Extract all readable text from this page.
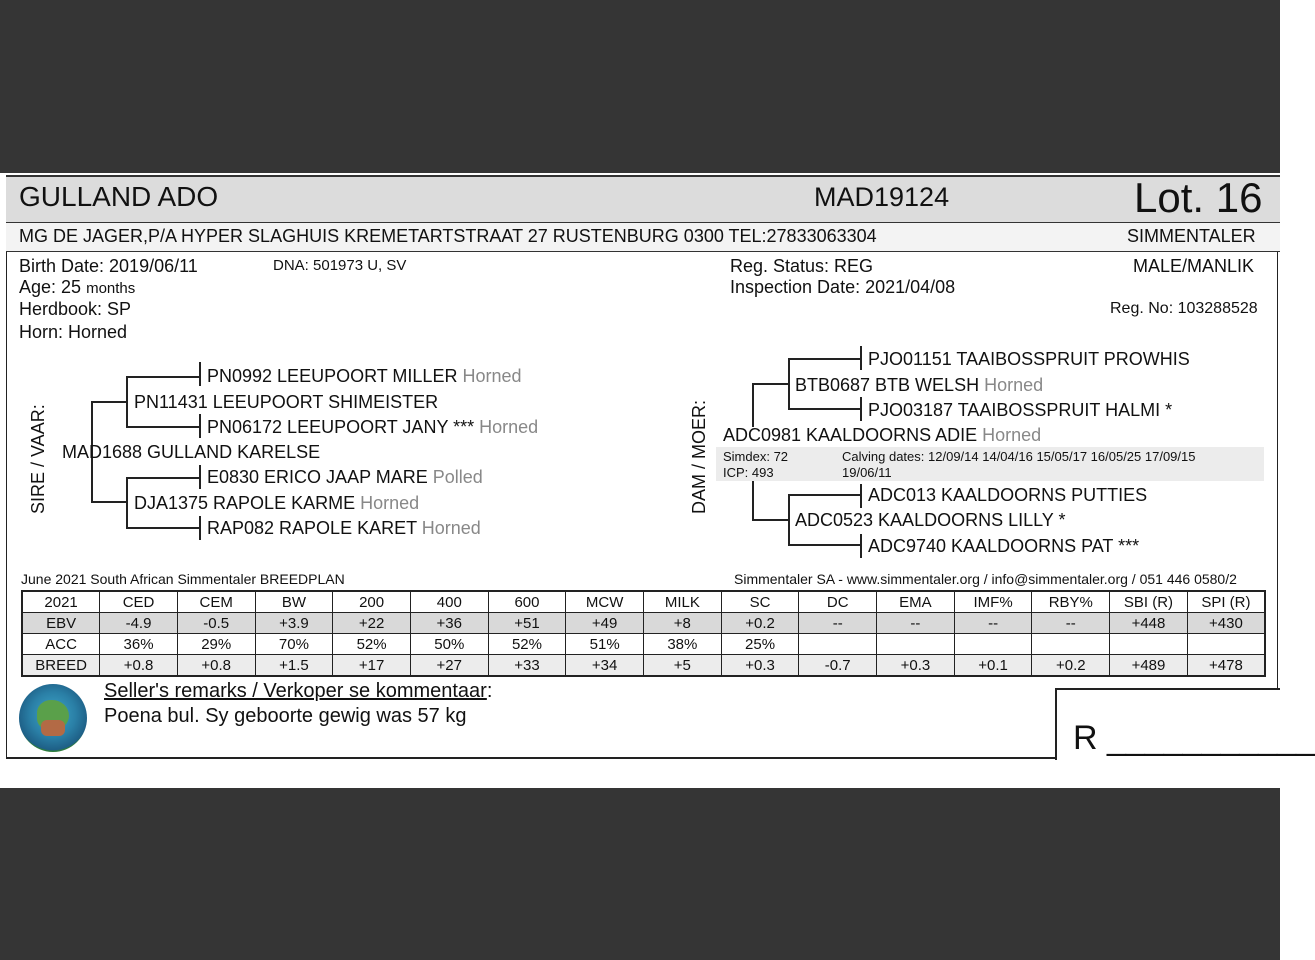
GULLAND ADO	MAD19124	Lot. 16
MG DE JAGER,P/A HYPER SLAGHUIS KREMETARTSTRAAT 27 RUSTENBURG 0300 TEL:27833063304	SIMMENTALER
Birth Date: 2019/06/11	DNA: 501973 U, SV
Age: 25 months
Herdbook: SP
Horn: Horned
Reg. Status: REG
Inspection Date: 2021/04/08
MALE/MANLIK
Reg. No: 103288528
SIRE / VAAR:
PN0992 LEEUPOORT MILLER Horned
PN11431 LEEUPOORT SHIMEISTER
PN06172 LEEUPOORT JANY *** Horned
MAD1688 GULLAND KARELSE
E0830 ERICO JAAP MARE Polled
DJA1375 RAPOLE KARME Horned
RAP082 RAPOLE KARET Horned
DAM / MOER: Simdex: 72
ICP: 493
Calving dates: 12/09/14 14/04/16 15/05/17 16/05/25 17/09/15
19/06/11
PJO01151 TAAIBOSSPRUIT PROWHIS
BTB0687 BTB WELSH Horned
PJO03187 TAAIBOSSPRUIT HALMI *
ADC0981 KAALDOORNS ADIE Horned
ADC013 KAALDOORNS PUTTIES
ADC0523 KAALDOORNS LILLY *
ADC9740 KAALDOORNS PAT ***
June 2021 South African Simmentaler BREEDPLAN	Simmentaler SA - www.simmentaler.org / info@simmentaler.org / 051 446 0580/2
2021	CED	CEM	BW	200	400	600	MCW	MILK	SC	DC	EMA	IMF%	RBY%	SBI (R)	SPI (R)
EBV	-4.9	-0.5	+3.9	+22	+36	+51	+49	+8	+0.2	--	--	--	--	+448	+430
ACC	36%	29%	70%	52%	50%	52%	51%	38%	25%						
BREED	+0.8	+0.8	+1.5	+17	+27	+33	+34	+5	+0.3	-0.7	+0.3	+0.1	+0.2	+489	+478
Seller's remarks / Verkoper se kommentaar:
Poena bul. Sy geboorte gewig was 57 kg
R ___________
